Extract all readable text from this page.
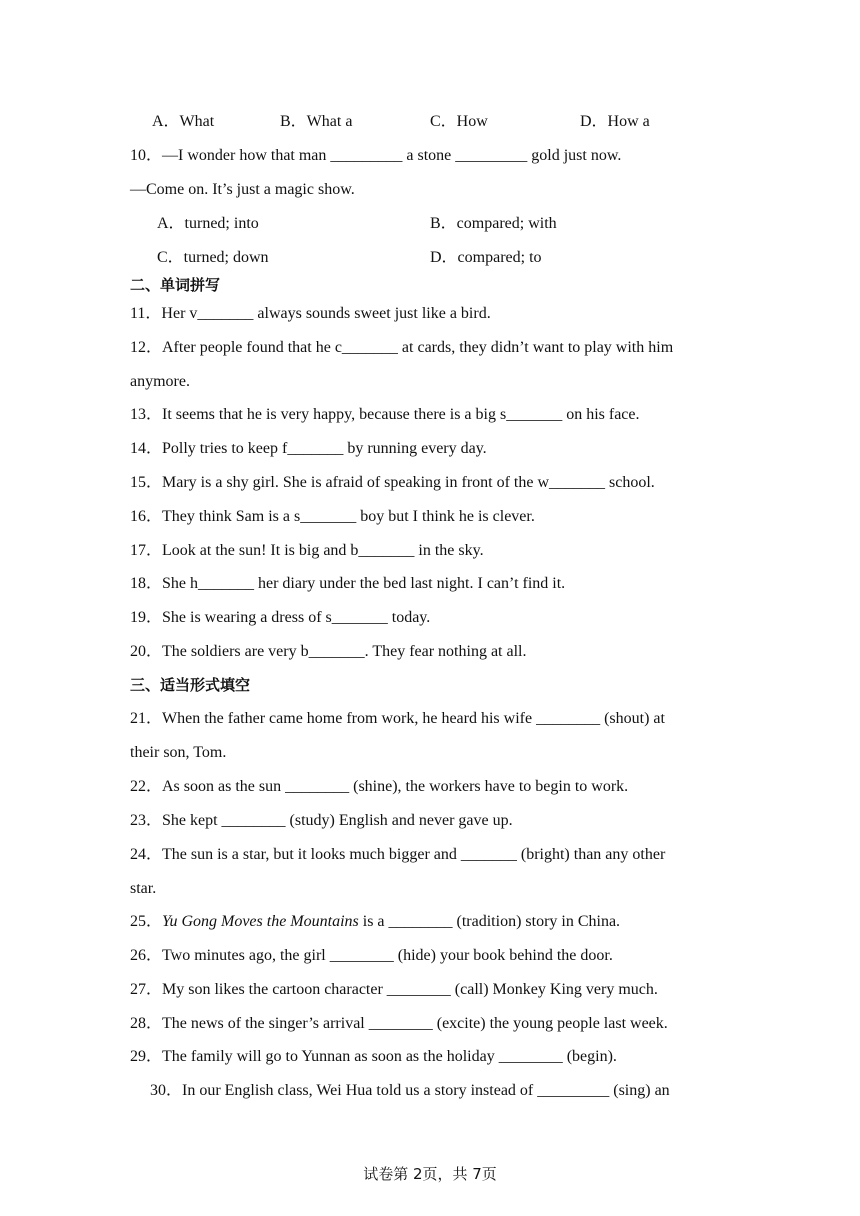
A．What	B．What a	C．How	D．How a
10．—I wonder how that man _________ a stone _________ gold just now.
—Come on. It’s just a magic show.
A．turned; into	B．compared; with
C．turned; down	D．compared; to
二、单词拼写
11．Her v_______ always sounds sweet just like a bird.
12．After people found that he c_______ at cards, they didn’t want to play with him
anymore.
13．It seems that he is very happy, because there is a big s_______ on his face.
14．Polly tries to keep f_______ by running every day.
15．Mary is a shy girl. She is afraid of speaking in front of the w_______ school.
16．They think Sam is a s_______ boy but I think he is clever.
17．Look at the sun! It is big and b_______ in the sky.
18．She h_______ her diary under the bed last night. I can’t find it.
19．She is wearing a dress of s_______ today.
20．The soldiers are very b_______. They fear nothing at all.
三、适当形式填空
21．When the father came home from work, he heard his wife ________ (shout) at
their son, Tom.
22．As soon as the sun ________ (shine), the workers have to begin to work.
23．She kept ________ (study) English and never gave up.
24．The sun is a star, but it looks much bigger and _______ (bright) than any other
star.
25．Yu Gong Moves the Mountains is a ________ (tradition) story in China.
26．Two minutes ago, the girl ________ (hide) your book behind the door.
27．My son likes the cartoon character ________ (call) Monkey King very much.
28．The news of the singer’s arrival ________ (excite) the young people last week.
29．The family will go to Yunnan as soon as the holiday ________ (begin).
30．In our English class, Wei Hua told us a story instead of _________ (sing) an
试卷第 2页，共 7页
